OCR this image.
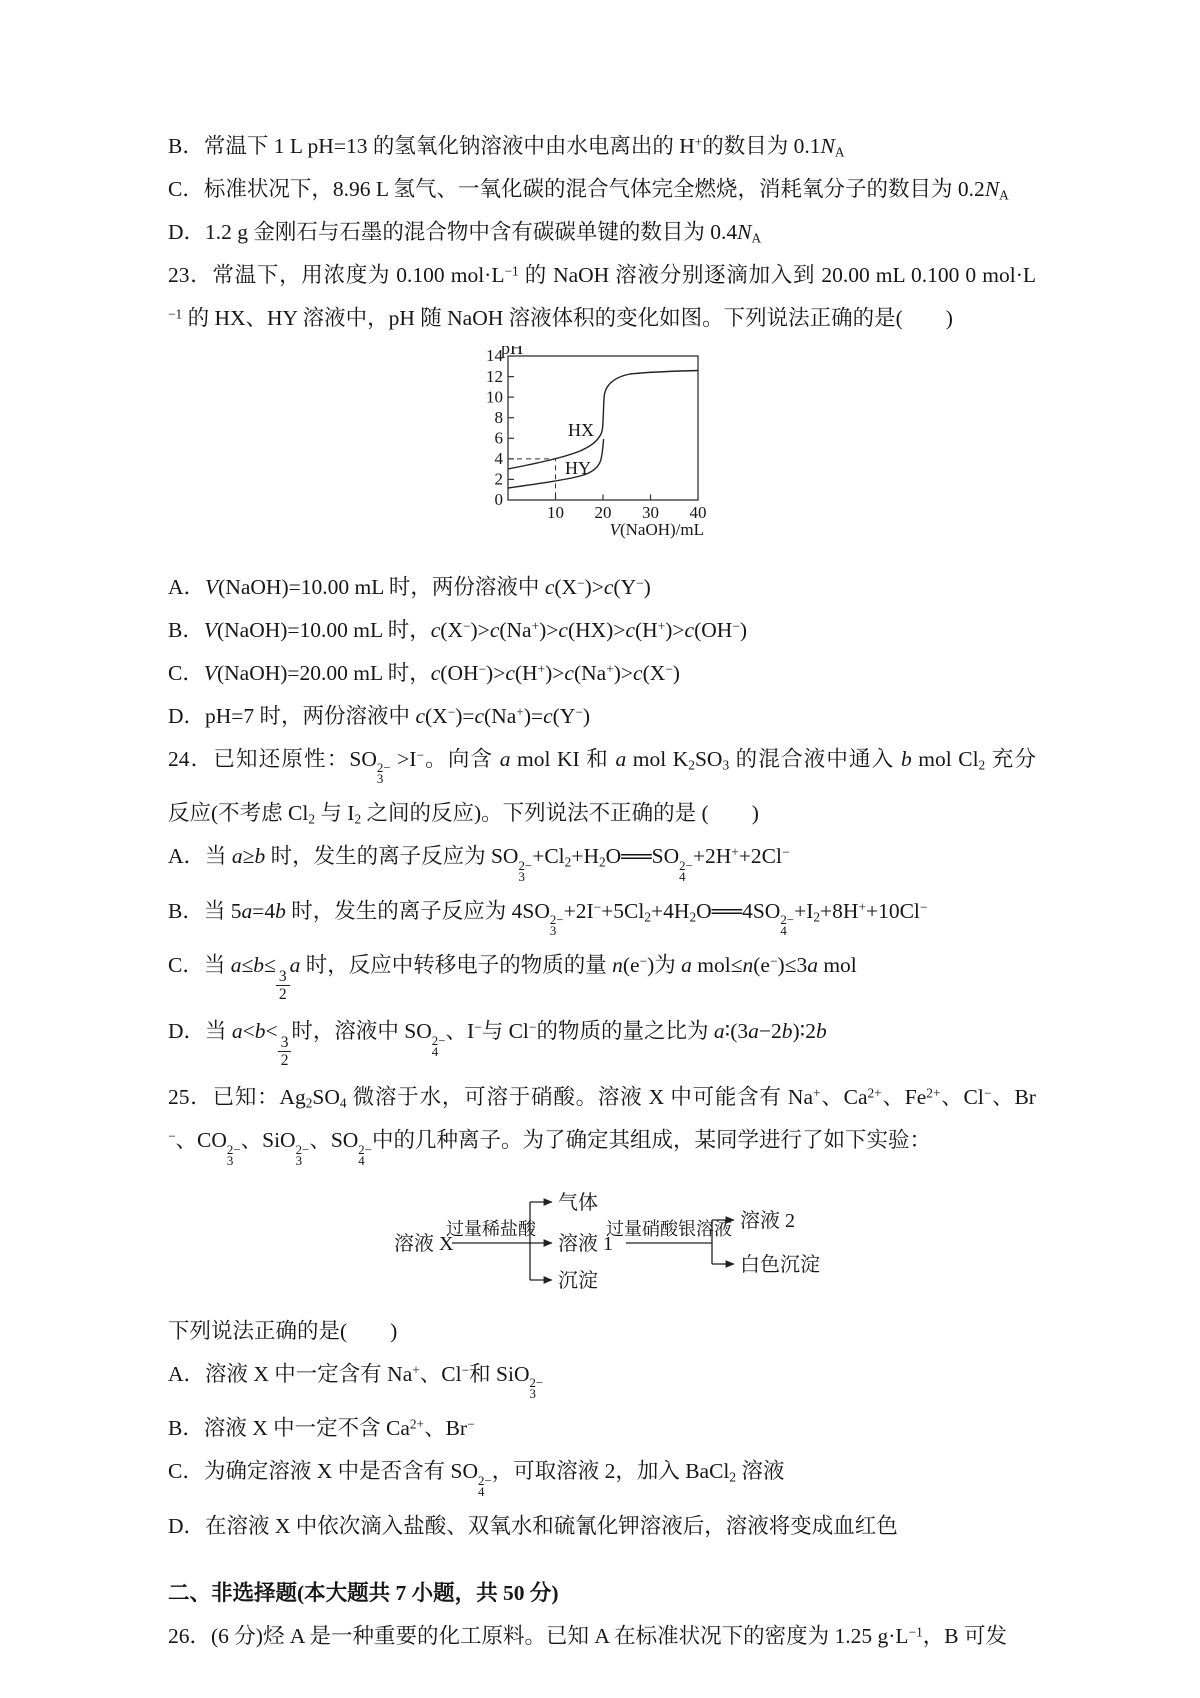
B．常温下 1 L pH=13 的氢氧化钠溶液中由水电离出的 H+的数目为 $0.1N_A$
C．标准状况下，8.96 L 氢气、一氧化碳的混合气体完全燃烧，消耗氧分子的数目为 $0.2N_A$
D．1.2 g 金刚石与石墨的混合物中含有碳碳单键的数目为 $0.4N_A$
23．常温下，用浓度为 0.100 $mol\cdot L^{-1}$ 的 NaOH 溶液分别逐滴加入到 20.00 mL 0.100 0 mol·L
$^{-1}$ 的 HX、HY 溶液中，pH 随 NaOH 溶液体积的变化如图。下列说法正确的是(　　)
pH
14
12
10
8
6
4
2
0
10 20 30 40
HX
HY
V(NaOH)/mL
A．V(NaOH)=10.00 mL 时，两份溶液中 c(X−)>c(Y−)
B．V(NaOH)=10.00 mL 时，c(X−)>c(Na+)>c(HX)>c(H+)>c(OH−)
C．V(NaOH)=20.00 mL 时，c(OH−)>c(H+)>c(Na+)>c(X−)
D．pH=7 时，两份溶液中 c(X−)=c(Na+)=c(Y−)
24．已知还原性：SO 2−
3
>I−。向含 a mol KI 和 a mol $K_2SO_3$ 的混合液中通入 b mol $Cl_2$ 充分
反应(不考虑 $Cl_2$ 与 $I_2$ 之间的反应)。下列说法不正确的是 (　　)
A．当 a≥b 时，发生的离子反应为 SO 2−
3
$+Cl_2+H_2O══SO$ 2−
4
+2H++2Cl−
B．当 5a=4b 时，发生的离子反应为 4SO 2−
3
$+2I^-+5Cl_2+4H_2O══4SO$ 2−
4
$+I_2+8H^++10Cl^-$
C．当 a≤b≤
$\frac{3}{2}$
a 时，反应中转移电子的物质的量 n(e−)为 a mol≤n(e−)≤3a mol
D．当 a<b<
$\frac{3}{2}$
时，溶液中 SO 2−
4
、I−与 Cl−的物质的量之比为 a∶(3a−2b)∶2b
25．已知：$Ag_2SO_4$ 微溶于水，可溶于硝酸。溶液 X 中可能含有 Na+、$Ca^{2+}$、$Fe^{2+}$、Cl−、Br
−、CO 2−
3
、SiO 2−
3
、SO 2−
4
中的几种离子。为了确定其组成，某同学进行了如下实验：
溶液 X
过量稀盐酸
气体
溶液 1
沉淀
过量硝酸银溶液 溶液 2
白色沉淀
下列说法正确的是(　　)
A．溶液 X 中一定含有 Na+、Cl−和 SiO 2−
3
B．溶液 X 中一定不含 $Ca^{2+}$、Br−
C．为确定溶液 X 中是否含有 SO 2−
4
，可取溶液 2，加入 BaCl$_2$ 溶液
D．在溶液 X 中依次滴入盐酸、双氧水和硫氰化钾溶液后，溶液将变成血红色
二、非选择题(本大题共 7 小题，共 50 分)
26．(6 分)烃 A 是一种重要的化工原料。已知 A 在标准状况下的密度为 1.25 $g\cdot L^{-1}$，B 可发
